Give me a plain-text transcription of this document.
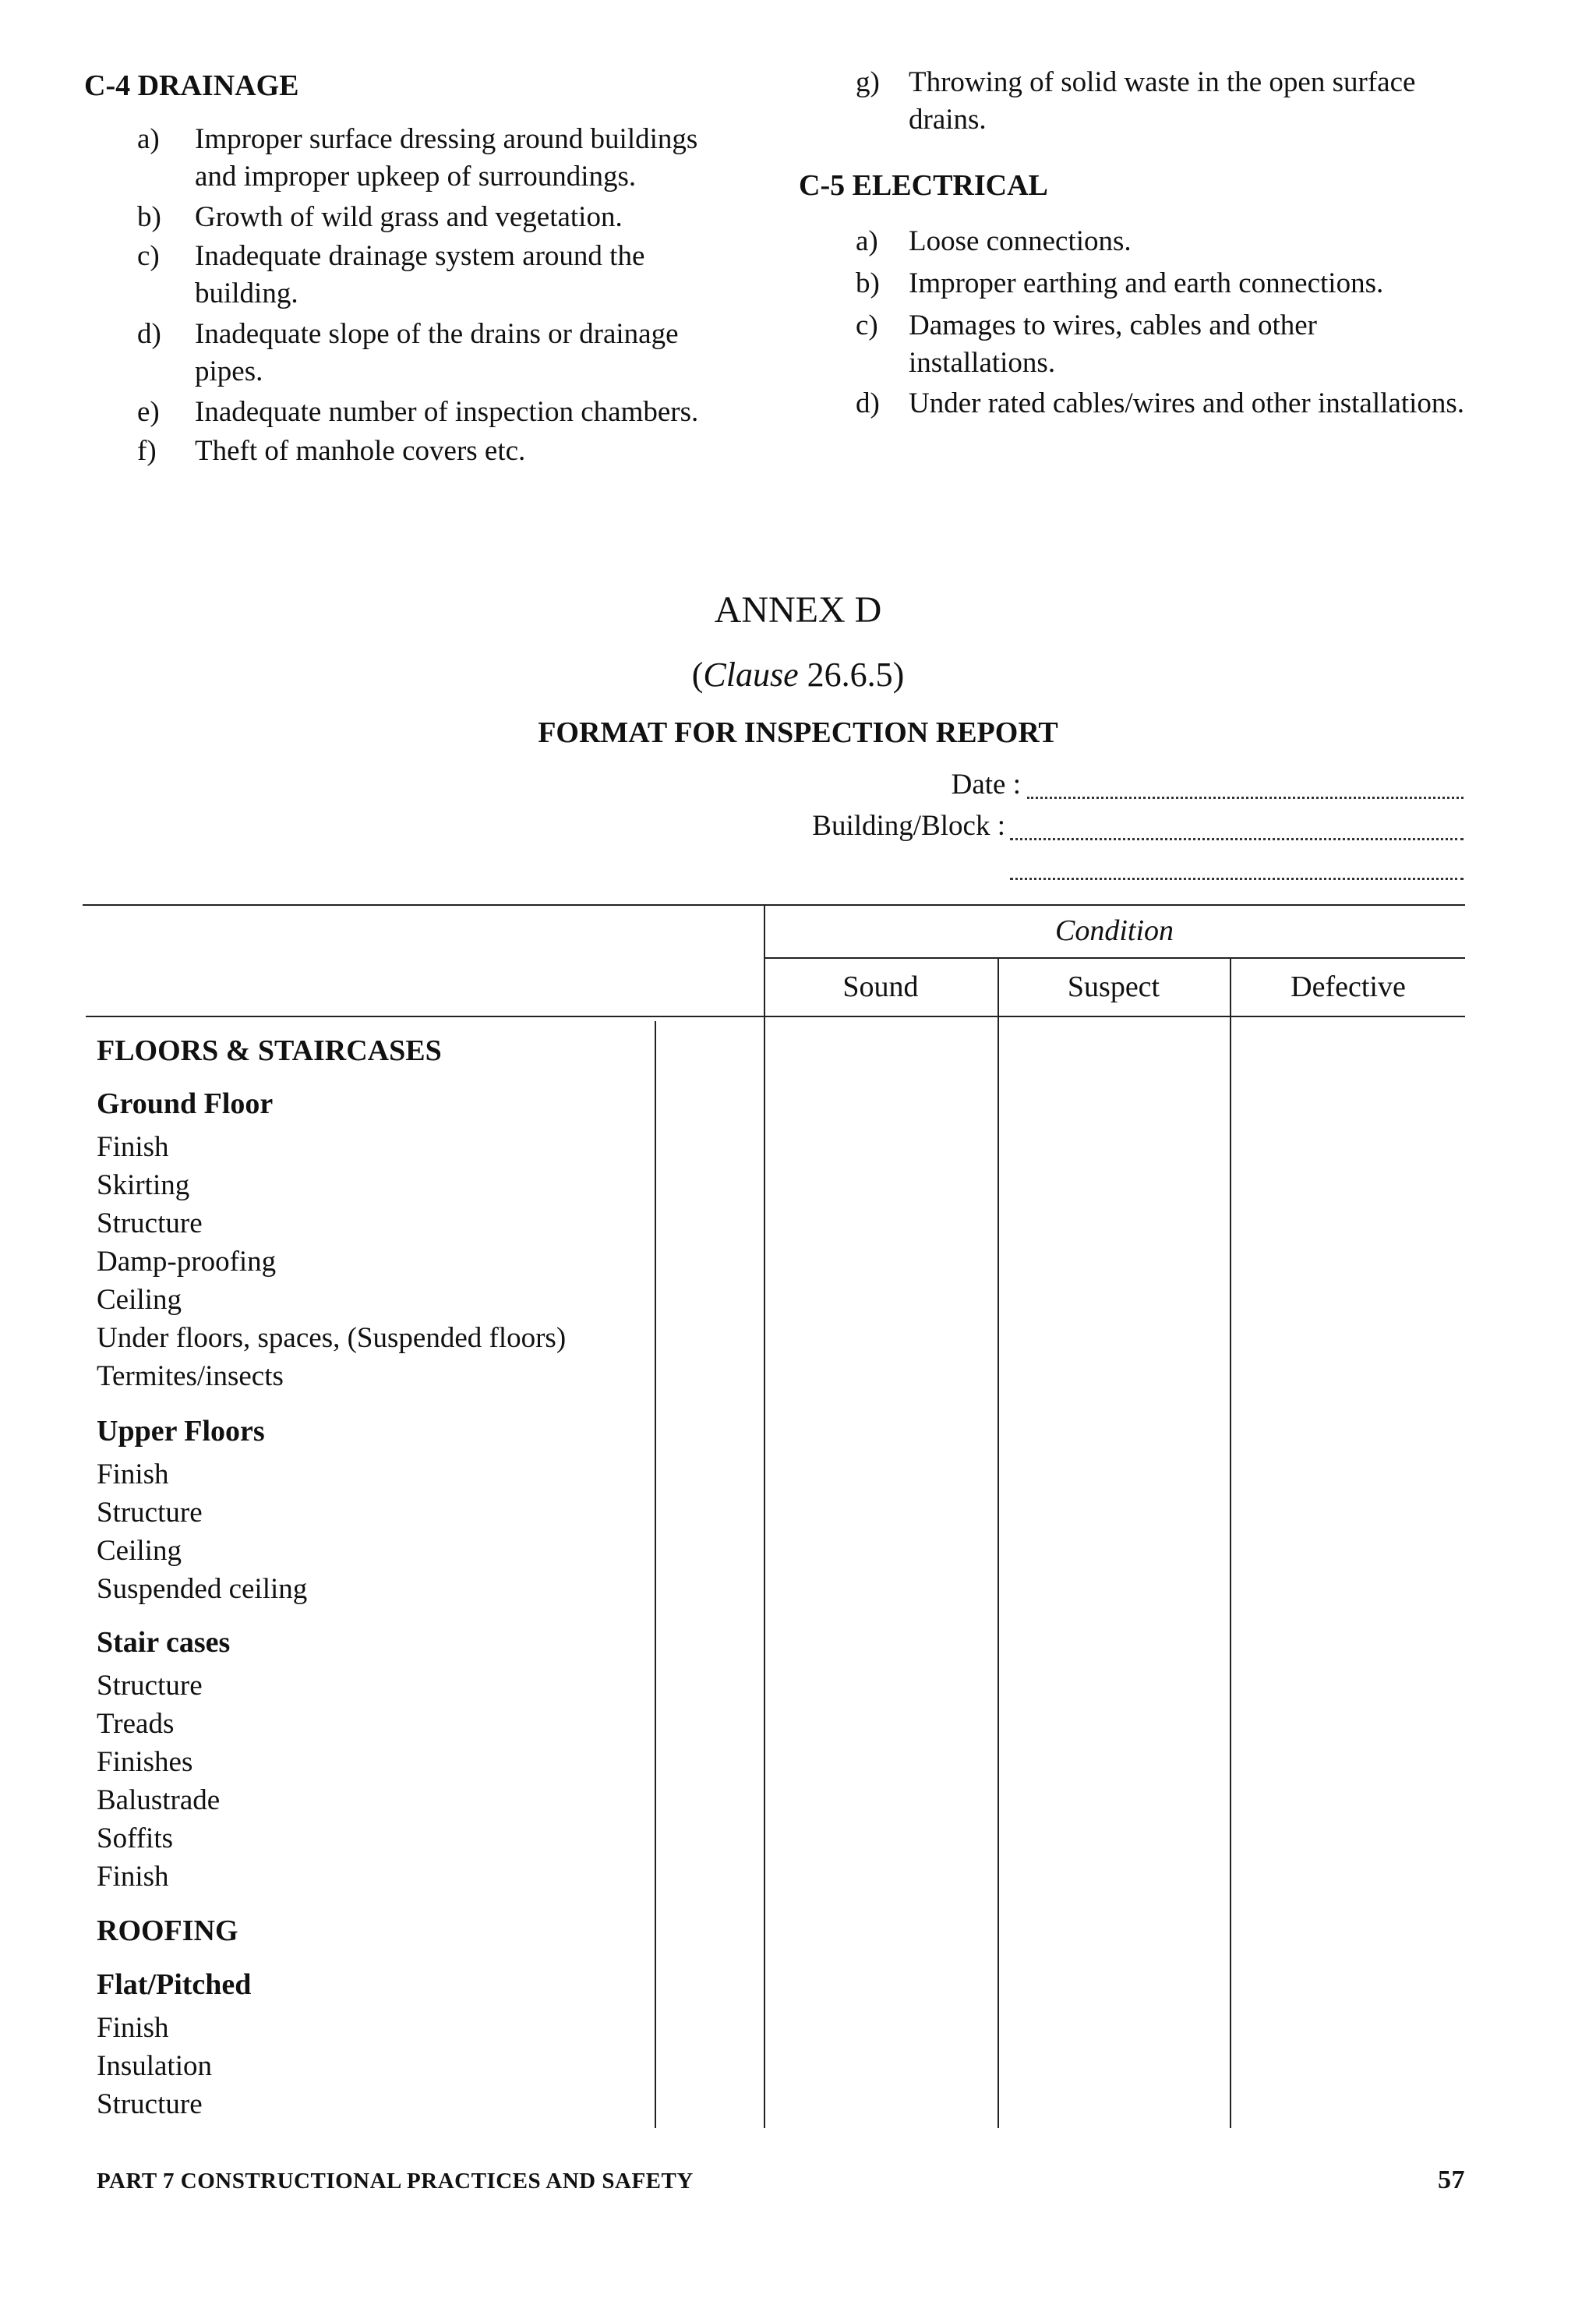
C-4 DRAINAGE
a)	Improper surface dressing around buildings and improper upkeep of surroundings.
b) Growth of wild grass and vegetation.
c)	Inadequate drainage system around the building.
d) Inadequate slope of the drains or drainage pipes.
e)	Inadequate number of inspection chambers.
f)	Theft of manhole covers etc.
g) Throwing of solid waste in the open surface drains.
C-5 ELECTRICAL
a)	Loose connections.
b) Improper earthing and earth connections.
c)	Damages to wires, cables and other installations.
d) Under rated cables/wires and other installations.
ANNEX D
(Clause 26.6.5)
FORMAT FOR INSPECTION REPORT
Date :
Building/Block :
Condition
Sound	Suspect	Defective
FLOORS & STAIRCASES
Ground Floor
Finish
Skirting
Structure
Damp-proofing
Ceiling
Under floors, spaces, (Suspended floors)
Termites/insects
Upper Floors
Finish
Structure
Ceiling
Suspended ceiling
Stair cases
Structure
Treads
Finishes
Balustrade
Soffits
Finish
ROOFING
Flat/Pitched
Finish
Insulation
Structure
PART 7 CONSTRUCTIONAL PRACTICES AND SAFETY	57
